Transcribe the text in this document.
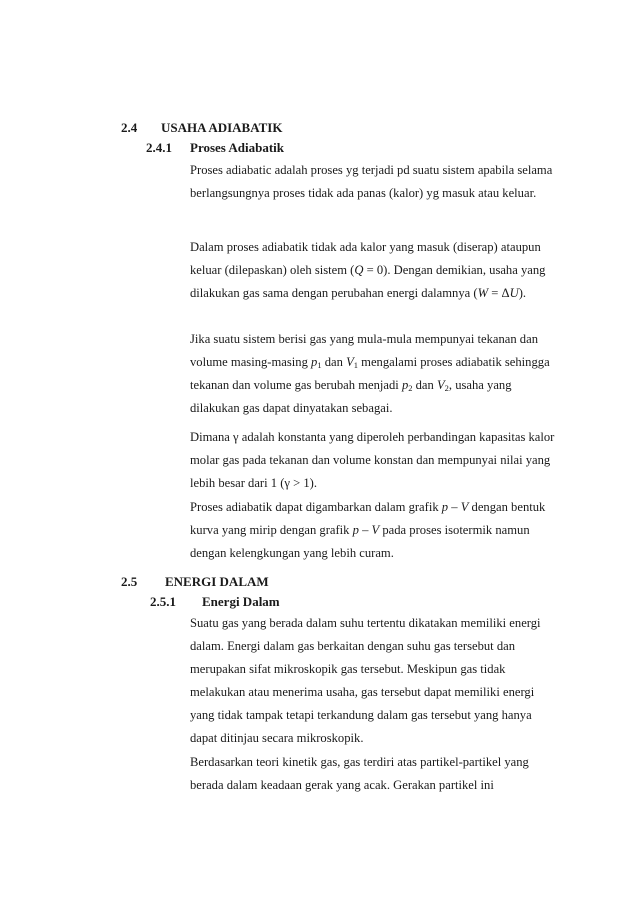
2.4 USAHA ADIABATIK
2.4.1 Proses Adiabatik
Proses adiabatic adalah proses yg terjadi pd suatu sistem apabila selama berlangsungnya proses tidak ada panas (kalor) yg masuk atau keluar.
Dalam proses adiabatik tidak ada kalor yang masuk (diserap) ataupun keluar (dilepaskan) oleh sistem (Q = 0). Dengan demikian, usaha yang dilakukan gas sama dengan perubahan energi dalamnya (W = ΔU).
Jika suatu sistem berisi gas yang mula-mula mempunyai tekanan dan volume masing-masing $p_1$ dan $V_1$ mengalami proses adiabatik sehingga tekanan dan volume gas berubah menjadi $p_2$ dan $V_2$, usaha yang dilakukan gas dapat dinyatakan sebagai.
Dimana γ adalah konstanta yang diperoleh perbandingan kapasitas kalor molar gas pada tekanan dan volume konstan dan mempunyai nilai yang lebih besar dari 1 (γ > 1).
Proses adiabatik dapat digambarkan dalam grafik p – V dengan bentuk kurva yang mirip dengan grafik p – V pada proses isotermik namun dengan kelengkungan yang lebih curam.
2.5 ENERGI DALAM
2.5.1 Energi Dalam
Suatu gas yang berada dalam suhu tertentu dikatakan memiliki energi dalam. Energi dalam gas berkaitan dengan suhu gas tersebut dan merupakan sifat mikroskopik gas tersebut. Meskipun gas tidak melakukan atau menerima usaha, gas tersebut dapat memiliki energi yang tidak tampak tetapi terkandung dalam gas tersebut yang hanya dapat ditinjau secara mikroskopik.
Berdasarkan teori kinetik gas, gas terdiri atas partikel-partikel yang berada dalam keadaan gerak yang acak. Gerakan partikel ini
